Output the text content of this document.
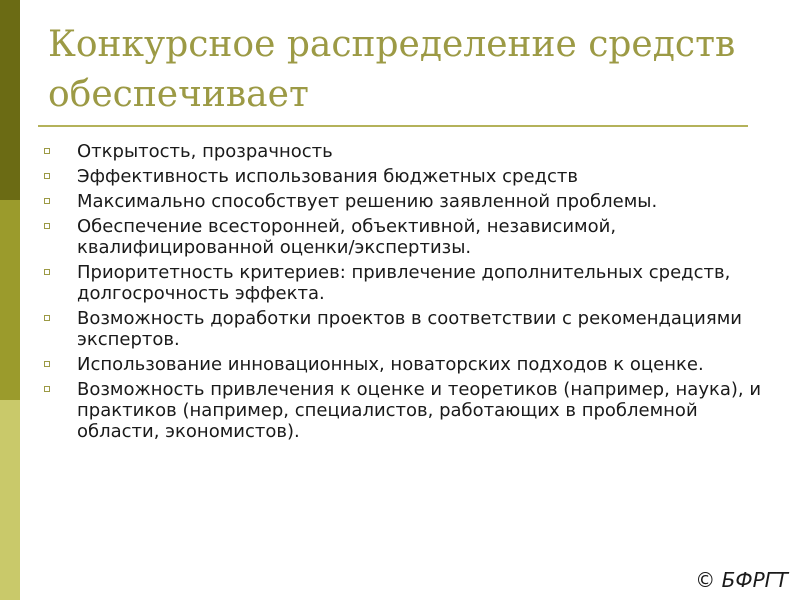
Конкурсное распределение средств обеспечивает
Открытость, прозрачность
Эффективность использования бюджетных средств
Максимально способствует решению заявленной проблемы.
Обеспечение всесторонней, объективной, независимой, квалифицированной оценки/экспертизы.
Приоритетность критериев: привлечение дополнительных средств, долгосрочность эффекта.
Возможность доработки проектов в соответствии с рекомендациями экспертов.
Использование инновационных, новаторских подходов к оценке.
Возможность привлечения к оценке и теоретиков (например, наука), и практиков (например, специалистов, работающих в проблемной области, экономистов).
© БФРГТ
